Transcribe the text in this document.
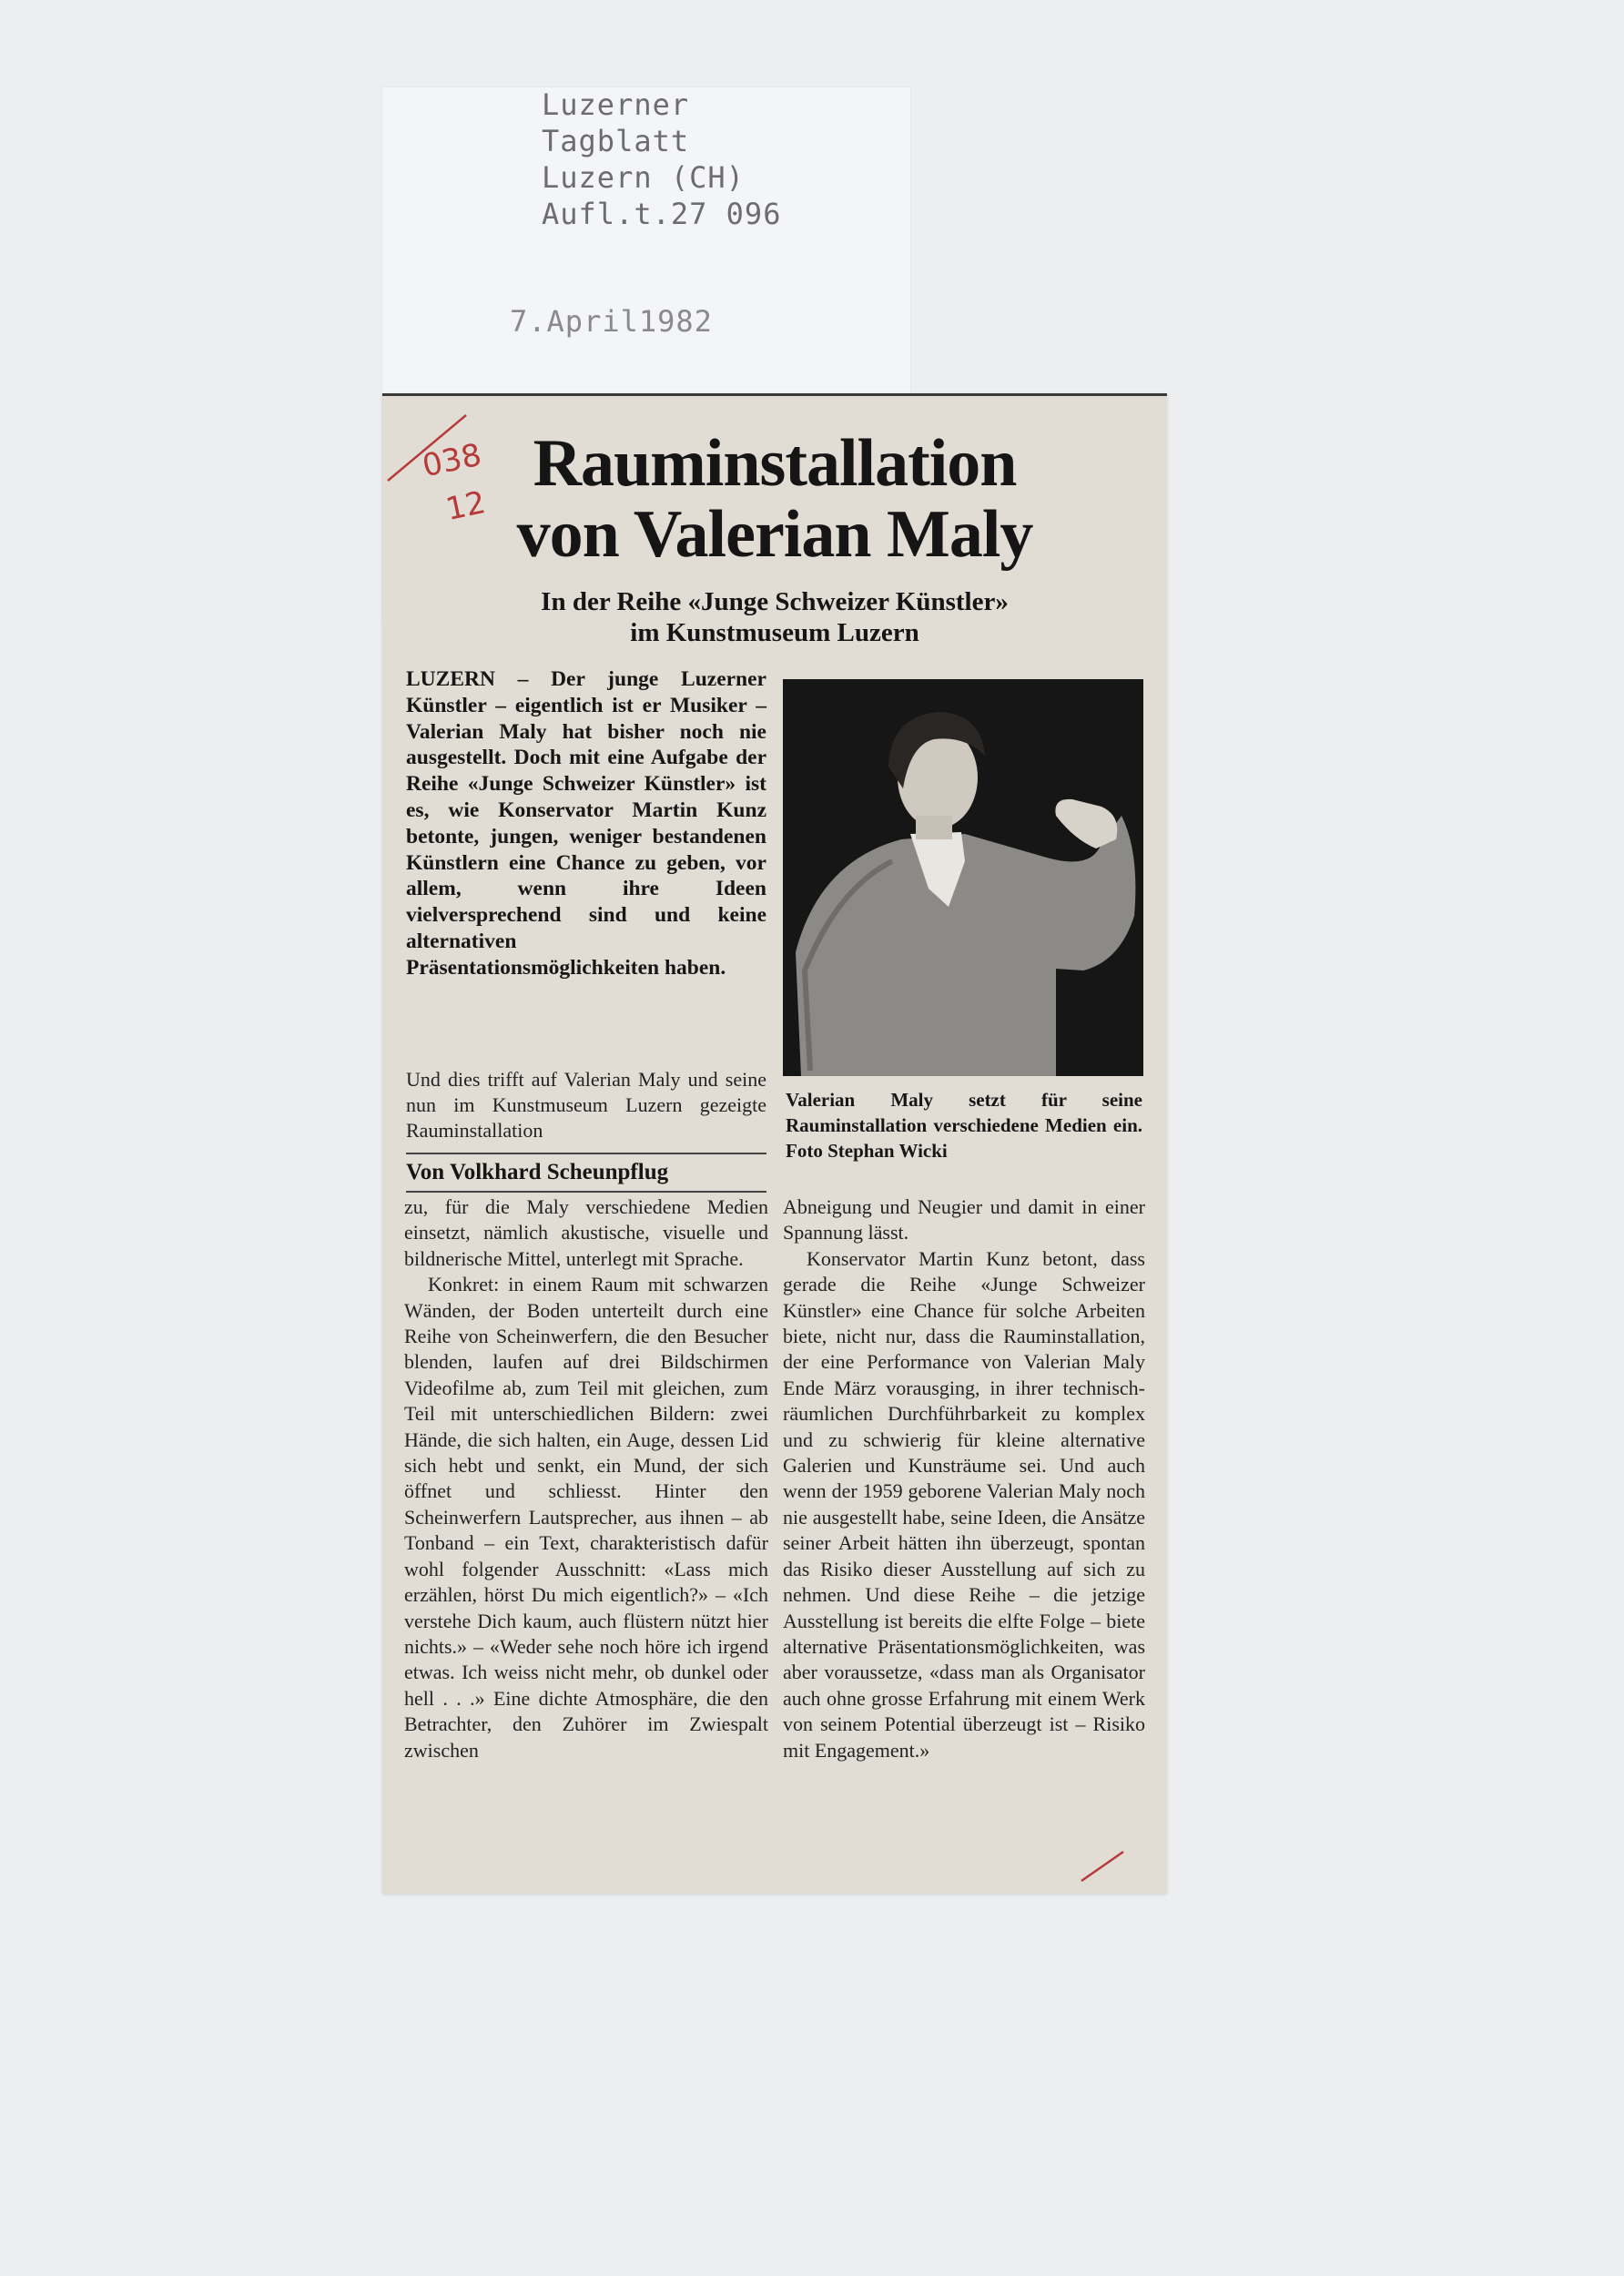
Luzerner
Tagblatt
Luzern (CH)
Aufl.t.27 096
7.April1982
038
12
Rauminstallation
von Valerian Maly
In der Reihe «Junge Schweizer Künstler»
im Kunstmuseum Luzern
LUZERN – Der junge Luzerner Künstler – eigentlich ist er Musiker – Valerian Maly hat bisher noch nie ausgestellt. Doch mit eine Aufgabe der Reihe «Junge Schweizer Künstler» ist es, wie Konservator Martin Kunz betonte, jungen, weniger bestandenen Künstlern eine Chance zu geben, vor allem, wenn ihre Ideen vielversprechend sind und keine alternativen Präsentationsmöglichkeiten haben.
Und dies trifft auf Valerian Maly und seine nun im Kunstmuseum Luzern gezeigte Rauminstallation
Von Volkhard Scheunpflug
Valerian Maly setzt für seine Rauminstallation verschiedene Medien ein. Foto Stephan Wicki

zu, für die Maly verschiedene Medien einsetzt, nämlich akustische, visuelle und bildnerische Mittel, unterlegt mit Sprache.

Konkret: in einem Raum mit schwarzen Wänden, der Boden unterteilt durch eine Reihe von Scheinwerfern, die den Besucher blenden, laufen auf drei Bildschirmen Videofilme ab, zum Teil mit gleichen, zum Teil mit unterschiedlichen Bildern: zwei Hände, die sich halten, ein Auge, dessen Lid sich hebt und senkt, ein Mund, der sich öffnet und schliesst. Hinter den Scheinwerfern Lautsprecher, aus ihnen – ab Tonband – ein Text, charakteristisch dafür wohl folgender Ausschnitt: «Lass mich erzählen, hörst Du mich eigentlich?» – «Ich verstehe Dich kaum, auch flüstern nützt hier nichts.» – «Weder sehe noch höre ich irgend etwas. Ich weiss nicht mehr, ob dunkel oder hell . . .» Eine dichte Atmosphäre, die den Betrachter, den Zuhörer im Zwiespalt zwischen

Abneigung und Neugier und damit in einer Spannung lässt.

Konservator Martin Kunz betont, dass gerade die Reihe «Junge Schweizer Künstler» eine Chance für solche Arbeiten biete, nicht nur, dass die Rauminstallation, der eine Performance von Valerian Maly Ende März vorausging, in ihrer technisch-räumlichen Durchführbarkeit zu komplex und zu schwierig für kleine alternative Galerien und Kunsträume sei. Und auch wenn der 1959 geborene Valerian Maly noch nie ausgestellt habe, seine Ideen, die Ansätze seiner Arbeit hätten ihn überzeugt, spontan das Risiko dieser Ausstellung auf sich zu nehmen. Und diese Reihe – die jetzige Ausstellung ist bereits die elfte Folge – biete alternative Präsentationsmöglichkeiten, was aber voraussetze, «dass man als Organisator auch ohne grosse Erfahrung mit einem Werk von seinem Potential überzeugt ist – Risiko mit Engagement.»
